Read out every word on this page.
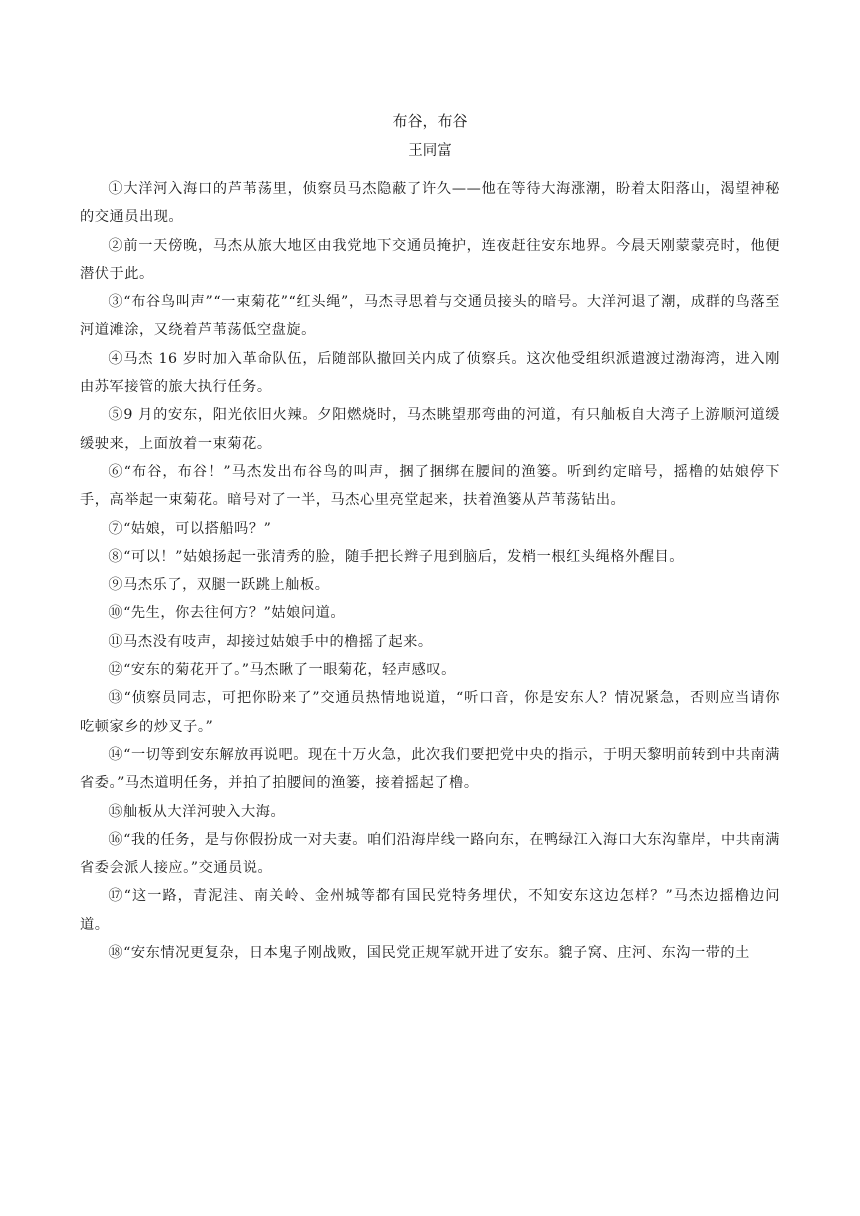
布谷，布谷
王同富

①大洋河入海口的芦苇荡里，侦察员马杰隐蔽了许久——他在等待大海涨潮，盼着太阳落山，渴望神秘的交通员出现。

②前一天傍晚，马杰从旅大地区由我党地下交通员掩护，连夜赶往安东地界。今晨天刚蒙蒙亮时，他便潜伏于此。

③“布谷鸟叫声”“一束菊花”“红头绳”，马杰寻思着与交通员接头的暗号。大洋河退了潮，成群的鸟落至河道滩涂，又绕着芦苇荡低空盘旋。

④马杰 16 岁时加入革命队伍，后随部队撤回关内成了侦察兵。这次他受组织派遣渡过渤海湾，进入刚由苏军接管的旅大执行任务。

⑤9 月的安东，阳光依旧火辣。夕阳燃烧时，马杰眺望那弯曲的河道，有只舢板自大湾子上游顺河道缓缓驶来，上面放着一束菊花。

⑥“布谷，布谷！”马杰发出布谷鸟的叫声，捆了捆绑在腰间的渔篓。听到约定暗号，摇橹的姑娘停下手，高举起一束菊花。暗号对了一半，马杰心里亮堂起来，扶着渔篓从芦苇荡钻出。

⑦“姑娘，可以搭船吗？”

⑧“可以！”姑娘扬起一张清秀的脸，随手把长辫子甩到脑后，发梢一根红头绳格外醒目。

⑨马杰乐了，双腿一跃跳上舢板。

⑩“先生，你去往何方？”姑娘问道。

⑪马杰没有吱声，却接过姑娘手中的橹摇了起来。

⑫“安东的菊花开了。”马杰瞅了一眼菊花，轻声感叹。

⑬“侦察员同志，可把你盼来了”交通员热情地说道，“听口音，你是安东人？情况紧急，否则应当请你吃顿家乡的炒叉子。”

⑭“一切等到安东解放再说吧。现在十万火急，此次我们要把党中央的指示，于明天黎明前转到中共南满省委。”马杰道明任务，并拍了拍腰间的渔篓，接着摇起了橹。

⑮舢板从大洋河驶入大海。

⑯“我的任务，是与你假扮成一对夫妻。咱们沿海岸线一路向东，在鸭绿江入海口大东沟靠岸，中共南满省委会派人接应。”交通员说。

⑰“这一路，青泥洼、南关岭、金州城等都有国民党特务埋伏，不知安东这边怎样？”马杰边摇橹边问道。

⑱“安东情况更复杂，日本鬼子刚战败，国民党正规军就开进了安东。貔子窝、庄河、东沟一带的土
